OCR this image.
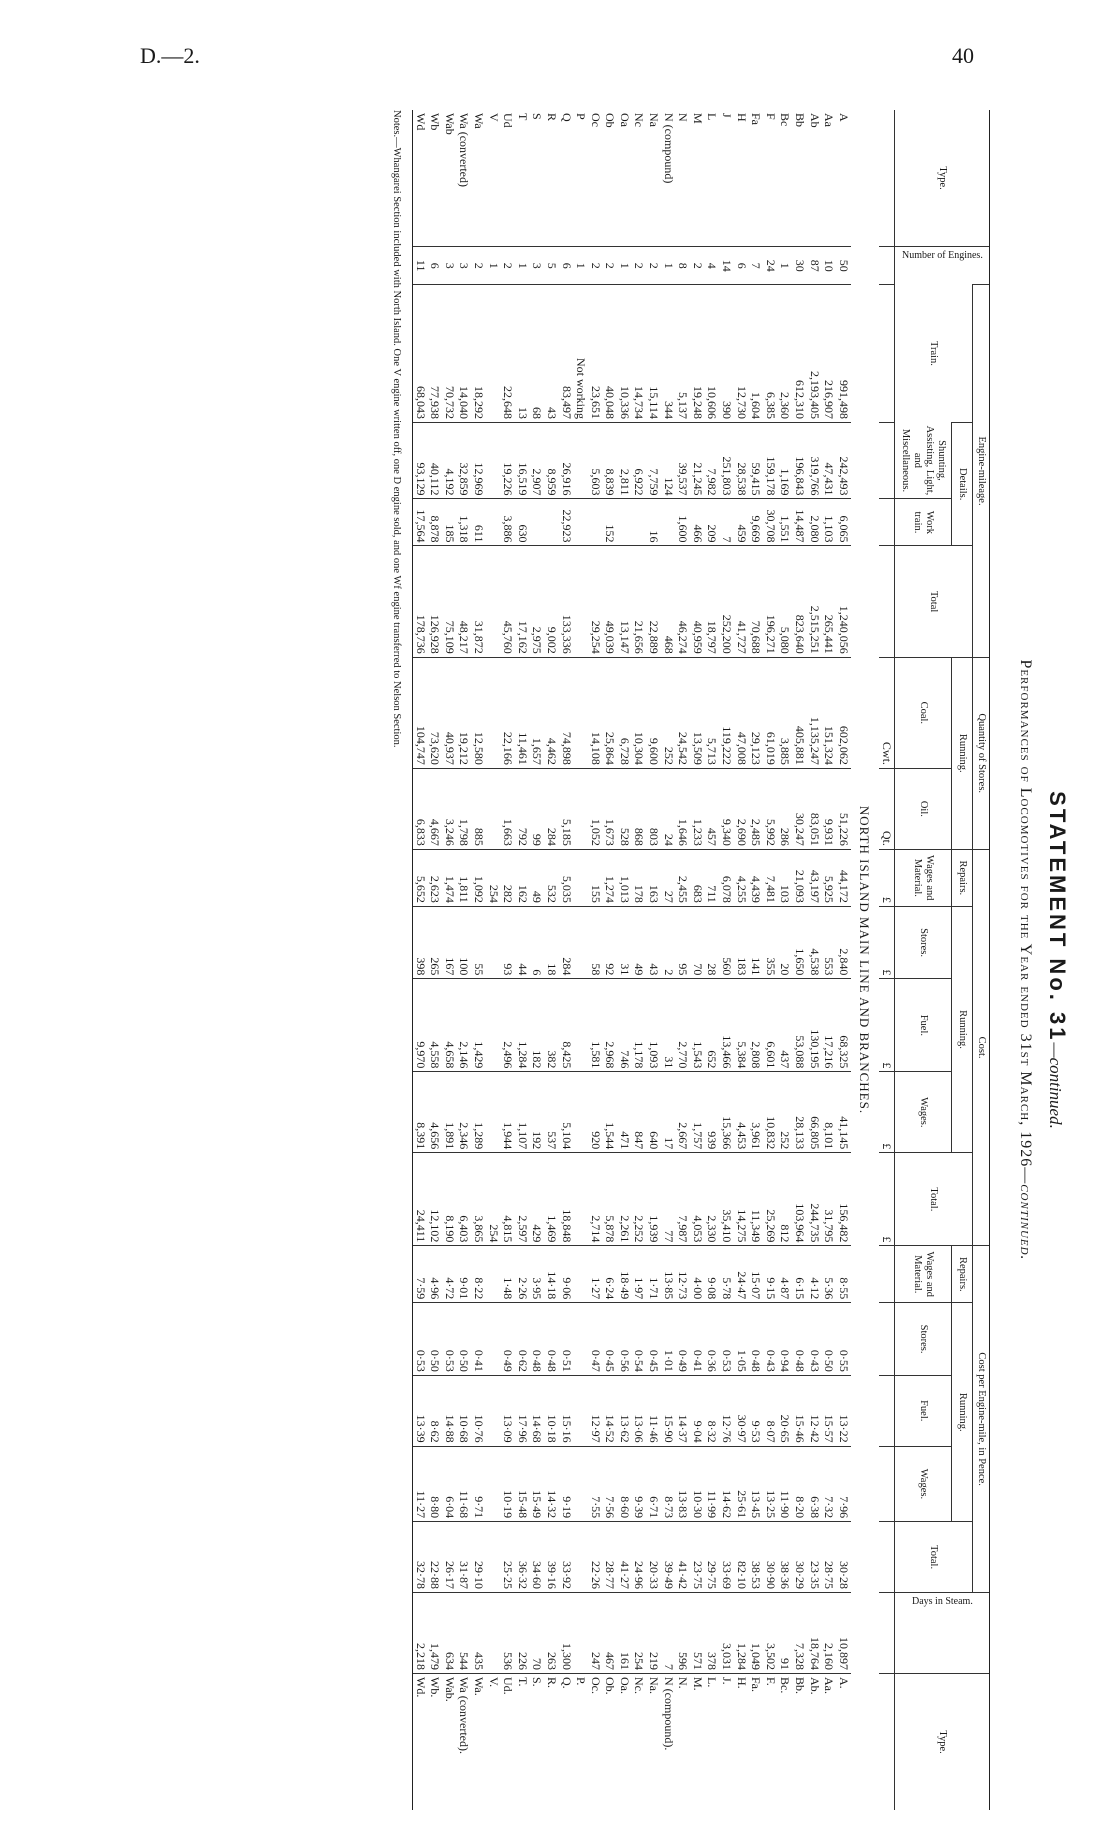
D.—2.	40
STATEMENT No. 31—continued.
Performances of Locomotives for the Year ended 31st March, 1926—continued.
Type.	Number of Engines.	Engine-mileage.				Quantity of Stores.		Cost.					Cost per Engine-mile, in Pence.					Days in Steam.	Type.
		Train.	Details.		Total	Running.		Repairs.	Running.			Total.	Repairs.	Running.			Total.		
			Shunting, Assisting, Light, and Miscellaneous.	Work train.		Coal.	Oil.	Wages and Material.	Stores.	Fuel.	Wages.		Wages and Material.	Stores.	Fuel.	Wages.			

						Cwt.	Qt.	£	£	£	£	£							
NORTH ISLAND MAIN LINE AND BRANCHES.																			
A	50	991,498	242,493	6,065	1,240,056	602,062	51,226	44,172	2,840	68,325	41,145	156,482	8·55	0·55	13·22	7·96	30·28	10,897	A.
Aa	10	216,907	47,431	1,103	265,441	151,324	9,931	5,925	553	17,216	8,101	31,795	5·36	0·50	15·57	7·32	28·75	2,160	Aa.
Ab	87	2,193,405	319,766	2,080	2,515,251	1,135,247	83,051	43,197	4,538	130,195	66,805	244,735	4·12	0·43	12·42	6·38	23·35	18,764	Ab.
Bb	30	612,310	196,843	14,487	823,640	405,881	30,247	21,093	1,650	53,088	28,133	103,964	6·15	0·48	15·46	8·20	30·29	7,328	Bb.
Bc	1	2,360	1,169	1,551	5,080	3,885	286	103	20	437	252	812	4·87	0·94	20·65	11·90	38·36	91	Bc.
F	24	6,385	159,178	30,708	196,271	61,019	5,992	7,481	355	6,601	10,832	25,269	9·15	0·43	8·07	13·25	30·90	3,502	F.
Fa	7	1,604	59,415	9,669	70,688	29,123	2,485	4,439	141	2,808	3,961	11,349	15·07	0·48	9·53	13·45	38·53	1,049	Fa.
H	6	12,730	28,538	459	41,727	47,008	2,690	4,255	183	5,384	4,453	14,275	24·47	1·05	30·97	25·61	82·10	1,284	H.
J	14	390	251,803	7	252,200	119,222	9,340	6,078	560	13,466	15,366	35,410	5·78	0·53	12·76	14·62	33·69	3,031	J.
L	4	10,606	7,982	209	18,797	5,713	457	711	28	652	939	2,330	9·08	0·36	8·32	11·99	29·75	378	L.
M	2	19,248	21,245	466	40,959	13,509	1,233	683	70	1,543	1,757	4,053	4·00	0·41	9·04	10·30	23·75	571	M.
N	8	5,137	39,537	1,600	46,274	24,542	1,646	2,455	95	2,770	2,667	7,987	12·73	0·49	14·37	13·83	41·42	596	N.
N (compound)	1	344	124		468	252	24	27	2	31	17	77	13·85	1·01	15·90	8·73	39·49	7	N (compound).
Na	2	15,114	7,759	16	22,889	9,600	803	163	43	1,093	640	1,939	1·71	0·45	11·46	6·71	20·33	219	Na.
Nc	2	14,734	6,922		21,656	10,304	868	178	49	1,178	847	2,252	1·97	0·54	13·06	9·39	24·96	254	Nc.
Oa	1	10,336	2,811		13,147	6,728	528	1,013	31	746	471	2,261	18·49	0·56	13·62	8·60	41·27	161	Oa.
Ob	2	40,048	8,839	152	49,039	25,864	1,673	1,274	92	2,968	1,544	5,878	6·24	0·45	14·52	7·56	28·77	467	Ob.
Oc	2	23,651	5,603		29,254	14,108	1,052	155	58	1,581	920	2,714	1·27	0·47	12·97	7·55	22·26	247	Oc.
P	1	Not working																	P.
Q	6	83,497	26,916	22,923	133,336	74,898	5,185	5,035	284	8,425	5,104	18,848	9·06	0·51	15·16	9·19	33·92	1,300	Q.
R	5	43	8,959		9,002	4,462	284	532	18	382	537	1,469	14·18	0·48	10·18	14·32	39·16	263	R.
S	3	68	2,907		2,975	1,657	99	49	6	182	192	429	3·95	0·48	14·68	15·49	34·60	70	S.
T	1	13	16,519	630	17,162	11,461	792	162	44	1,284	1,107	2,597	2·26	0·62	17·96	15·48	36·32	226	T.
Ud	2	22,648	19,226	3,886	45,760	22,166	1,663	282	93	2,496	1,944	4,815	1·48	0·49	13·09	10·19	25·25	536	Ud.
V	1							254				254							V.
Wa	2	18,292	12,969	611	31,872	12,580	885	1,092	55	1,429	1,289	3,865	8·22	0·41	10·76	9·71	29·10	435	Wa.
Wa (converted)	3	14,040	32,859	1,318	48,217	19,212	1,798	1,811	100	2,146	2,346	6,403	9·01	0·50	10·68	11·68	31·87	544	Wa (converted).
Wab	3	70,732	4,192	185	75,109	40,937	3,246	1,474	167	4,658	1,891	8,190	4·72	0·53	14·88	6·04	26·17	634	Wab.
Wb	6	77,938	40,112	8,878	126,928	73,620	4,667	2,623	265	4,558	4,656	12,102	4·96	0·50	8·62	8·80	22·88	1,479	Wb.
Wd	11	68,043	93,129	17,564	178,736	104,747	6,833	5,652	398	9,970	8,391	24,411	7·59	0·53	13·39	11·27	32·78	2,218	Wd.
Notes.—Whangarei Section included with North Island. One V engine written off, one D engine sold, and one Wf engine transferred to Nelson Section.
